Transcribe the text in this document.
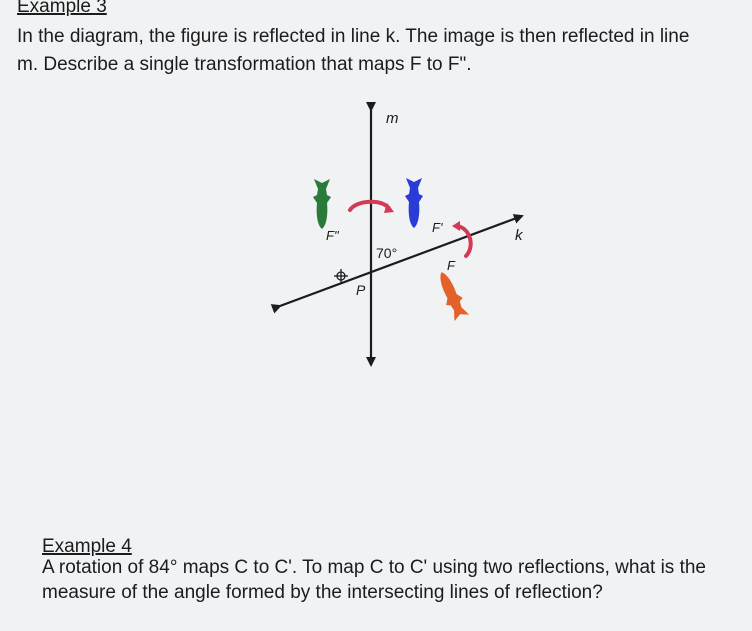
Example 3
In the diagram, the figure is reflected in line k. The image is then reflected in line
m. Describe a single transformation that maps F to F".
m
k
P
70°
F
F'
F"
Example 4
A rotation of 84° maps C to C'. To map C to C' using two reflections, what is the
measure of the angle formed by the intersecting lines of reflection?
